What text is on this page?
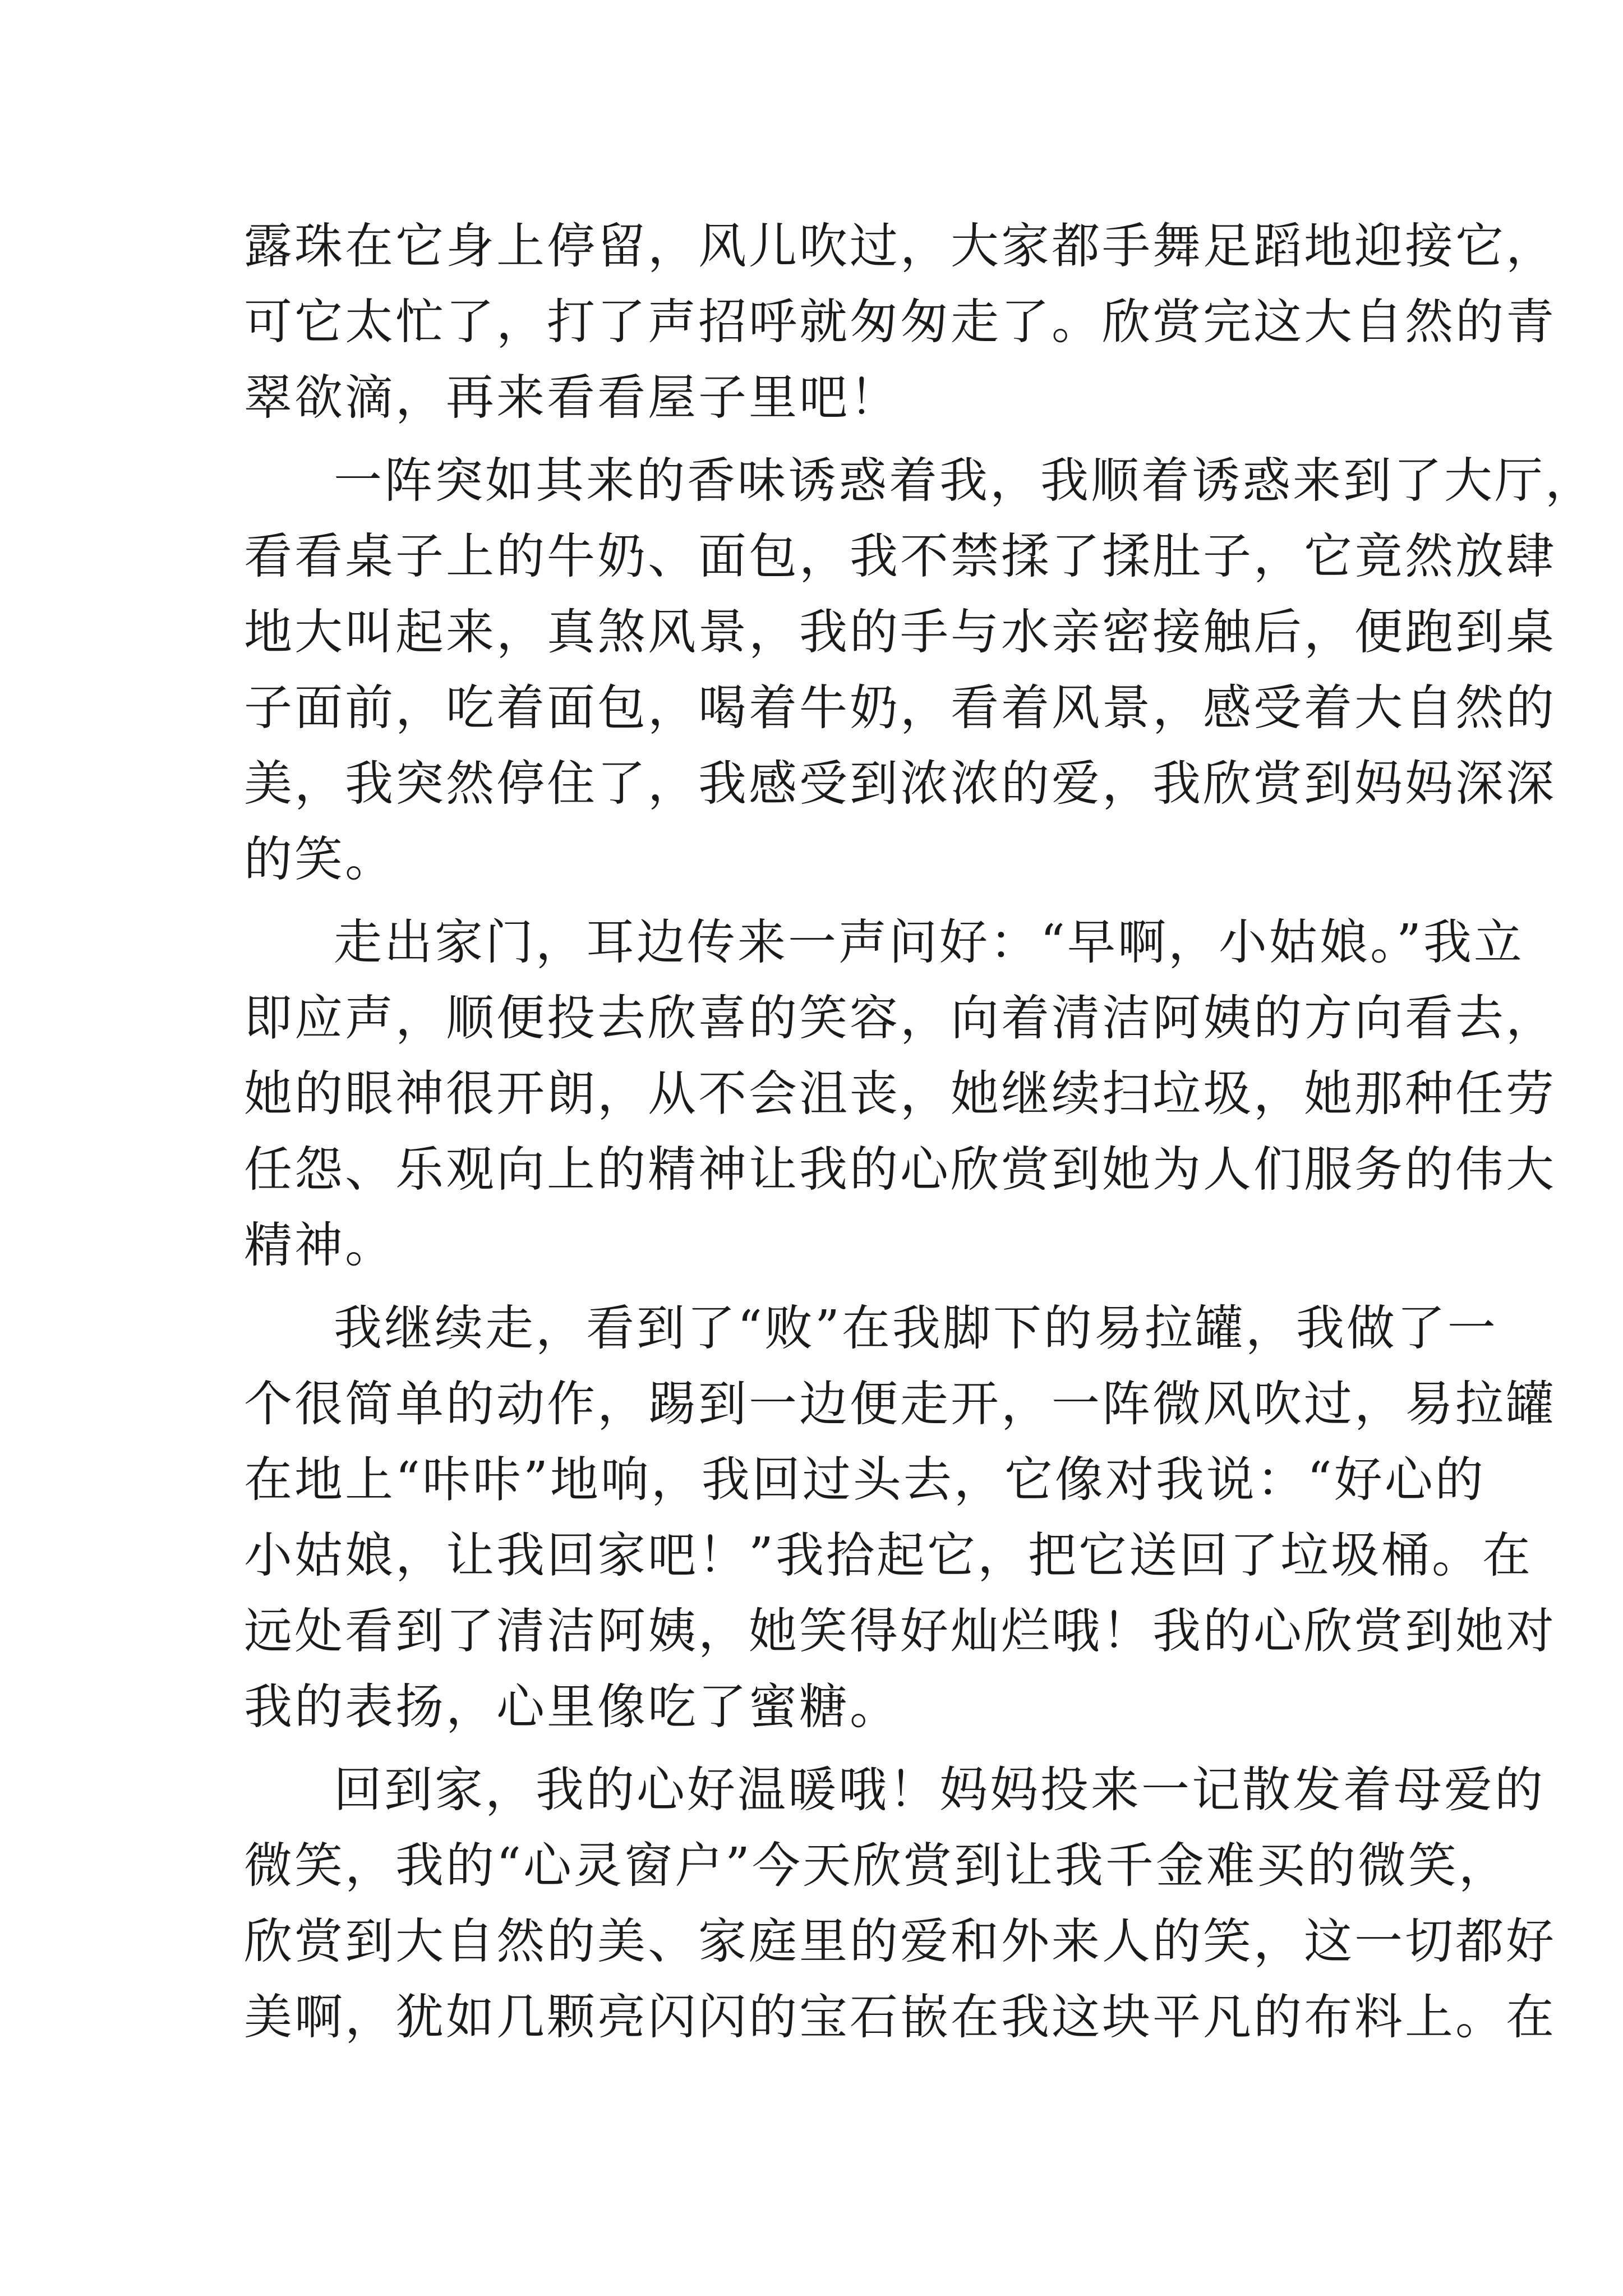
露珠在它身上停留，风儿吹过，大家都手舞足蹈地迎接它，
可它太忙了，打了声招呼就匆匆走了。欣赏完这大自然的青
翠欲滴，再来看看屋子里吧！
一阵突如其来的香味诱惑着我，我顺着诱惑来到了大厅，
看看桌子上的牛奶、面包，我不禁揉了揉肚子，它竟然放肆
地大叫起来，真煞风景，我的手与水亲密接触后，便跑到桌
子面前，吃着面包，喝着牛奶，看着风景，感受着大自然的
美，我突然停住了，我感受到浓浓的爱，我欣赏到妈妈深深
的笑。
走出家门，耳边传来一声问好：“早啊，小姑娘。”我立
即应声，顺便投去欣喜的笑容，向着清洁阿姨的方向看去，
她的眼神很开朗，从不会沮丧，她继续扫垃圾，她那种任劳
任怨、乐观向上的精神让我的心欣赏到她为人们服务的伟大
精神。
我继续走，看到了“败”在我脚下的易拉罐，我做了一
个很简单的动作，踢到一边便走开，一阵微风吹过，易拉罐
在地上“咔咔”地响，我回过头去，它像对我说：“好心的
小姑娘，让我回家吧！”我拾起它，把它送回了垃圾桶。在
远处看到了清洁阿姨，她笑得好灿烂哦！我的心欣赏到她对
我的表扬，心里像吃了蜜糖。
回到家，我的心好温暖哦！妈妈投来一记散发着母爱的
微笑，我的“心灵窗户”今天欣赏到让我千金难买的微笑，
欣赏到大自然的美、家庭里的爱和外来人的笑，这一切都好
美啊，犹如几颗亮闪闪的宝石嵌在我这块平凡的布料上。在
